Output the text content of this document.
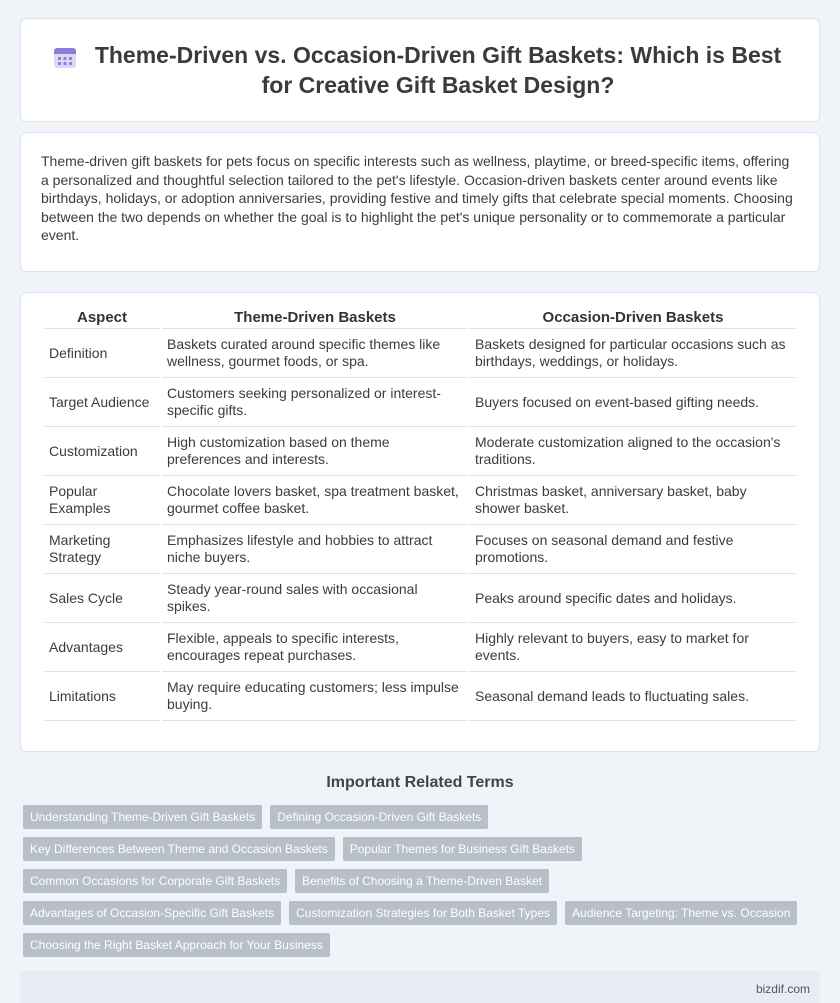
Theme-Driven vs. Occasion-Driven Gift Baskets: Which is Best for Creative Gift Basket Design?

Theme-driven gift baskets for pets focus on specific interests such as wellness, playtime, or breed-specific items, offering a personalized and thoughtful selection tailored to the pet's lifestyle. Occasion-driven baskets center around events like birthdays, holidays, or adoption anniversaries, providing festive and timely gifts that celebrate special moments. Choosing between the two depends on whether the goal is to highlight the pet's unique personality or to commemorate a particular event.

Aspect	Theme-Driven Baskets	Occasion-Driven Baskets
Definition	Baskets curated around specific themes like wellness, gourmet foods, or spa.	Baskets designed for particular occasions such as birthdays, weddings, or holidays.
Target Audience	Customers seeking personalized or interest-specific gifts.	Buyers focused on event-based gifting needs.
Customization	High customization based on theme preferences and interests.	Moderate customization aligned to the occasion's traditions.
Popular Examples	Chocolate lovers basket, spa treatment basket, gourmet coffee basket.	Christmas basket, anniversary basket, baby shower basket.
Marketing Strategy	Emphasizes lifestyle and hobbies to attract niche buyers.	Focuses on seasonal demand and festive promotions.
Sales Cycle	Steady year-round sales with occasional spikes.	Peaks around specific dates and holidays.
Advantages	Flexible, appeals to specific interests, encourages repeat purchases.	Highly relevant to buyers, easy to market for events.
Limitations	May require educating customers; less impulse buying.	Seasonal demand leads to fluctuating sales.
Important Related Terms
Understanding Theme-Driven Gift Baskets	Defining Occasion-Driven Gift Baskets
Key Differences Between Theme and Occasion Baskets	Popular Themes for Business Gift Baskets
Common Occasions for Corporate Gift Baskets	Benefits of Choosing a Theme-Driven Basket
Advantages of Occasion-Specific Gift Baskets	Customization Strategies for Both Basket Types	Audience Targeting: Theme vs. Occasion
Choosing the Right Basket Approach for Your Business
bizdif.com
